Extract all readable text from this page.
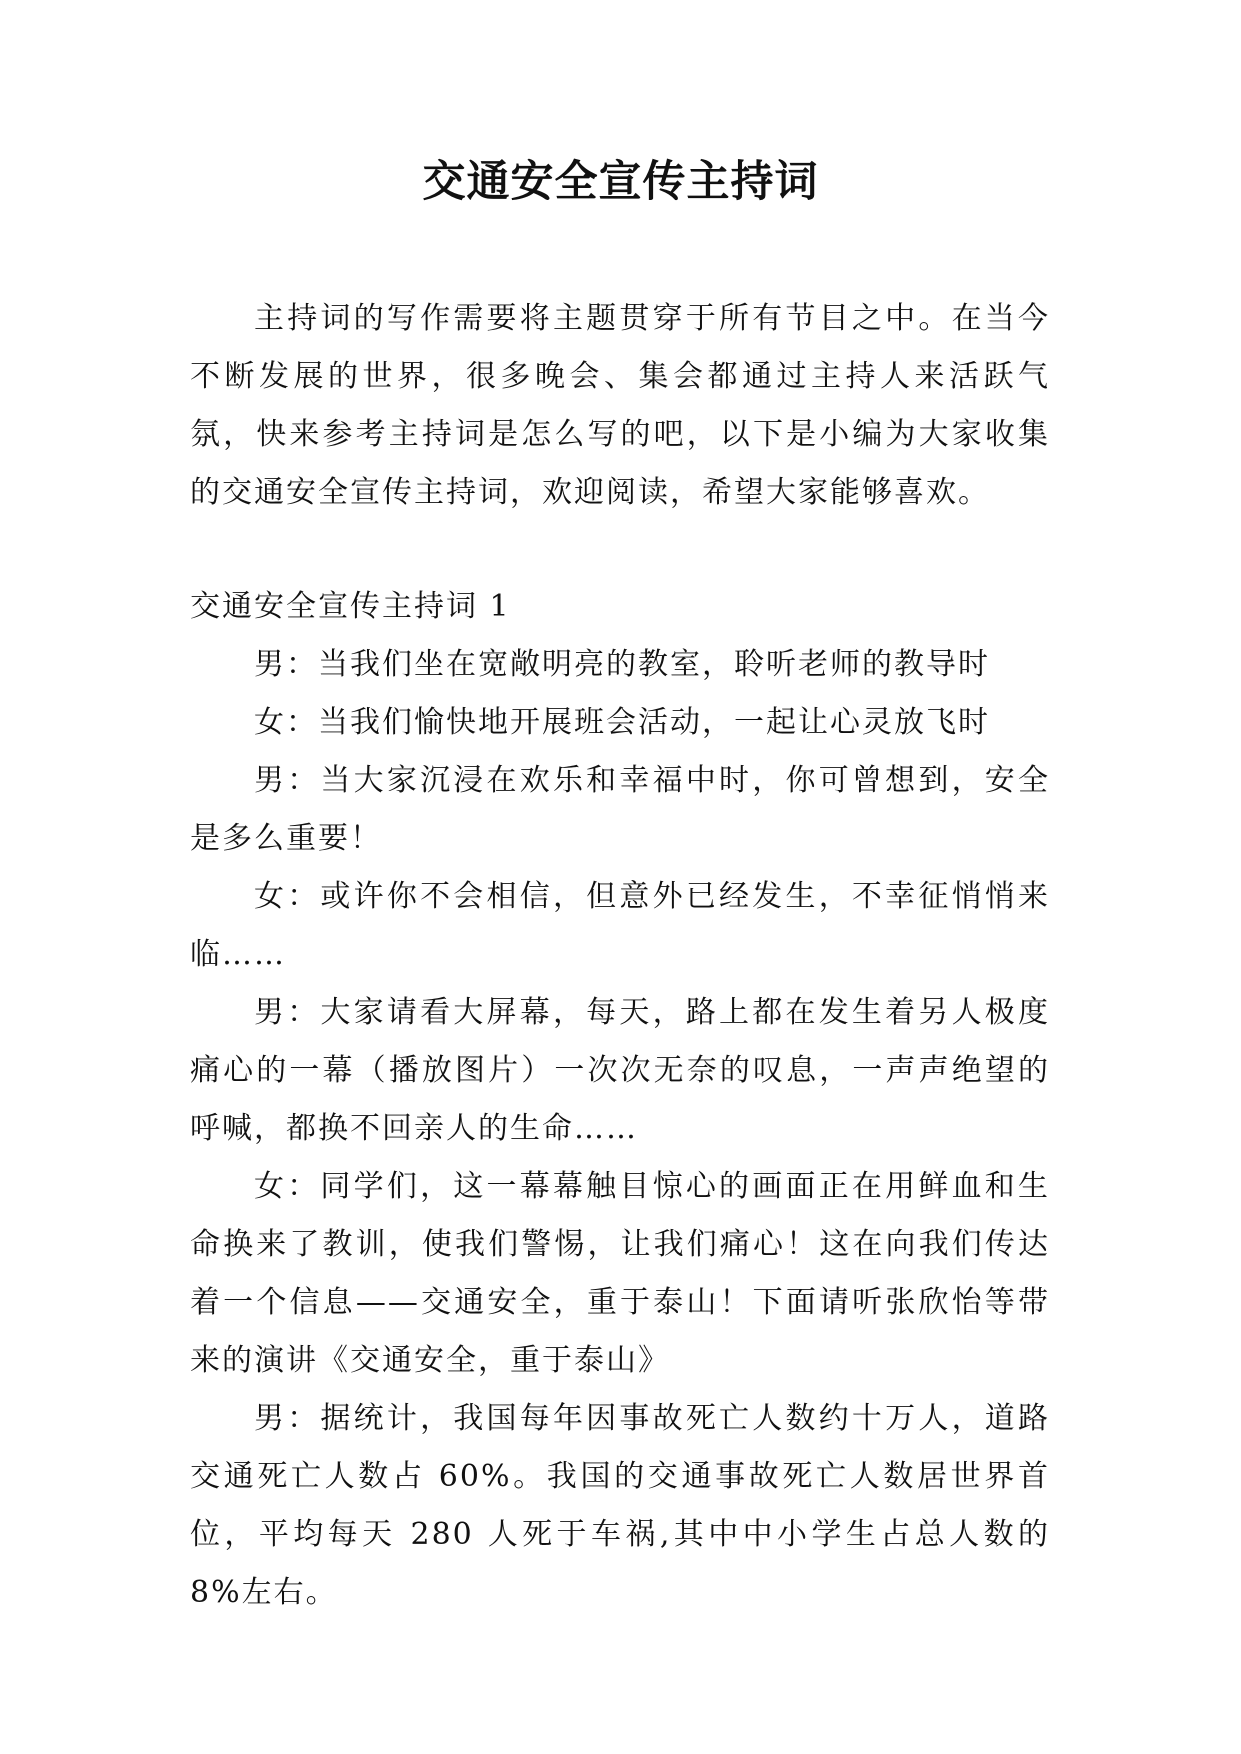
交通安全宣传主持词

主持词的写作需要将主题贯穿于所有节目之中。在当今不断发展的世界，很多晚会、集会都通过主持人来活跃气氛，快来参考主持词是怎么写的吧，以下是小编为大家收集的交通安全宣传主持词，欢迎阅读，希望大家能够喜欢。

交通安全宣传主持词 1

男：当我们坐在宽敞明亮的教室，聆听老师的教导时

女：当我们愉快地开展班会活动，一起让心灵放飞时

男：当大家沉浸在欢乐和幸福中时，你可曾想到，安全是多么重要！

女：或许你不会相信，但意外已经发生，不幸征悄悄来临……

男：大家请看大屏幕，每天，路上都在发生着另人极度痛心的一幕（播放图片）一次次无奈的叹息，一声声绝望的呼喊，都换不回亲人的生命……

女：同学们，这一幕幕触目惊心的画面正在用鲜血和生命换来了教训，使我们警惕，让我们痛心！这在向我们传达着一个信息——交通安全，重于泰山！下面请听张欣怡等带来的演讲《交通安全，重于泰山》

男：据统计，我国每年因事故死亡人数约十万人，道路交通死亡人数占 60%。我国的交通事故死亡人数居世界首位，平均每天 280 人死于车祸,其中中小学生占总人数的 8%左右。
